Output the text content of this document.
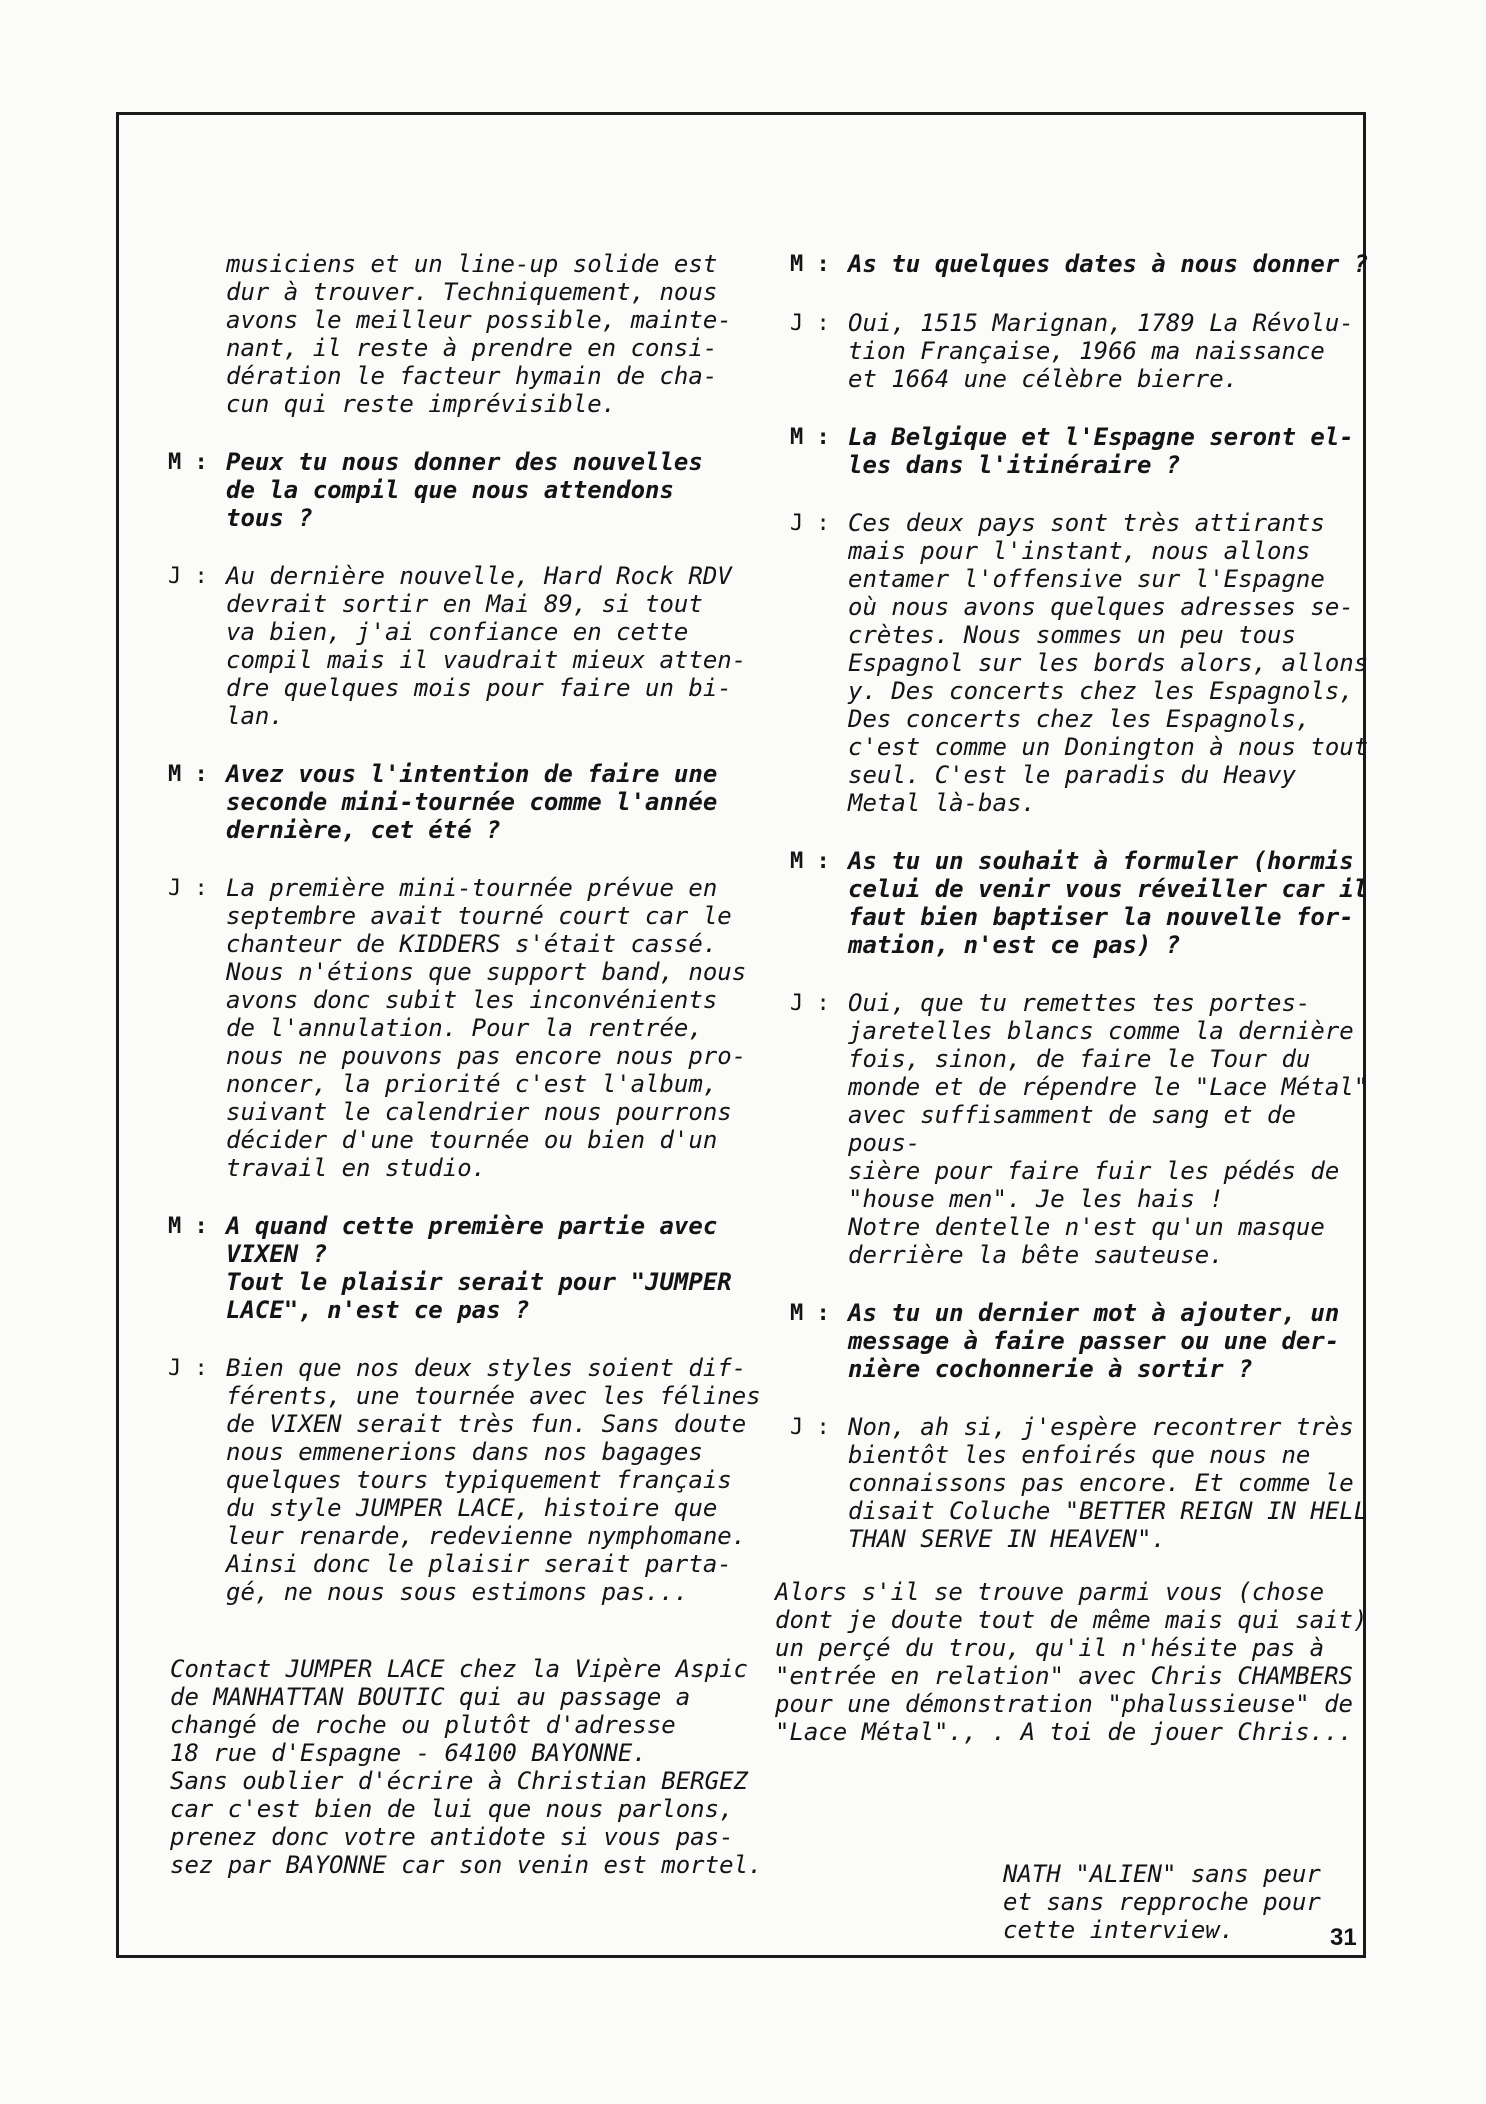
musiciens et un line-up solide est
dur à trouver. Techniquement, nous
avons le meilleur possible, mainte-
nant, il reste à prendre en consi-
dération le facteur hymain de cha-
cun qui reste imprévisible.
M : Peux tu nous donner des nouvelles
de la compil que nous attendons
tous ?
J : Au dernière nouvelle, Hard Rock RDV
devrait sortir en Mai 89, si tout
va bien, j'ai confiance en cette
compil mais il vaudrait mieux atten-
dre quelques mois pour faire un bi-
lan.
M : Avez vous l'intention de faire une
seconde mini-tournée comme l'année
dernière, cet été ?
J : La première mini-tournée prévue en
septembre avait tourné court car le
chanteur de KIDDERS s'était cassé.
Nous n'étions que support band, nous
avons donc subit les inconvénients
de l'annulation. Pour la rentrée,
nous ne pouvons pas encore nous pro-
noncer, la priorité c'est l'album,
suivant le calendrier nous pourrons
décider d'une tournée ou bien d'un
travail en studio.
M : A quand cette première partie avec
VIXEN ?
Tout le plaisir serait pour "JUMPER
LACE", n'est ce pas ?
J : Bien que nos deux styles soient dif-
férents, une tournée avec les félines
de VIXEN serait très fun. Sans doute
nous emmenerions dans nos bagages
quelques tours typiquement français
du style JUMPER LACE, histoire que
leur renarde, redevienne nymphomane.
Ainsi donc le plaisir serait parta-
gé, ne nous sous estimons pas...
Contact JUMPER LACE chez la Vipère Aspic
de MANHATTAN BOUTIC qui au passage a
changé de roche ou plutôt d'adresse
18 rue d'Espagne - 64100 BAYONNE.
Sans oublier d'écrire à Christian BERGEZ
car c'est bien de lui que nous parlons,
prenez donc votre antidote si vous pas-
sez par BAYONNE car son venin est mortel.
M : As tu quelques dates à nous donner ?
J : Oui, 1515 Marignan, 1789 La Révolu-
tion Française, 1966 ma naissance
et 1664 une célèbre bierre.
M : La Belgique et l'Espagne seront el-
les dans l'itinéraire ?
J : Ces deux pays sont très attirants
mais pour l'instant, nous allons
entamer l'offensive sur l'Espagne
où nous avons quelques adresses se-
crètes. Nous sommes un peu tous
Espagnol sur les bords alors, allons
y. Des concerts chez les Espagnols,
Des concerts chez les Espagnols,
c'est comme un Donington à nous tout
seul. C'est le paradis du Heavy
Metal là-bas.
M : As tu un souhait à formuler (hormis
celui de venir vous réveiller car il
faut bien baptiser la nouvelle for-
mation, n'est ce pas) ?
J : Oui, que tu remettes tes portes-
jaretelles blancs comme la dernière
fois, sinon, de faire le Tour du
monde et de répendre le "Lace Métal"
avec suffisamment de sang et de pous-
sière pour faire fuir les pédés de
"house men". Je les hais !
Notre dentelle n'est qu'un masque
derrière la bête sauteuse.
M : As tu un dernier mot à ajouter, un
message à faire passer ou une der-
nière cochonnerie à sortir ?
J : Non, ah si, j'espère recontrer très
bientôt les enfoirés que nous ne
connaissons pas encore. Et comme le
disait Coluche "BETTER REIGN IN HELL
THAN SERVE IN HEAVEN".
Alors s'il se trouve parmi vous (chose
dont je doute tout de même mais qui sait)
un perçé du trou, qu'il n'hésite pas à
"entrée en relation" avec Chris CHAMBERS
pour une démonstration "phalussieuse" de
"Lace Métal"., . A toi de jouer Chris...
NATH "ALIEN" sans peur
et sans repproche pour
cette interview.	31
